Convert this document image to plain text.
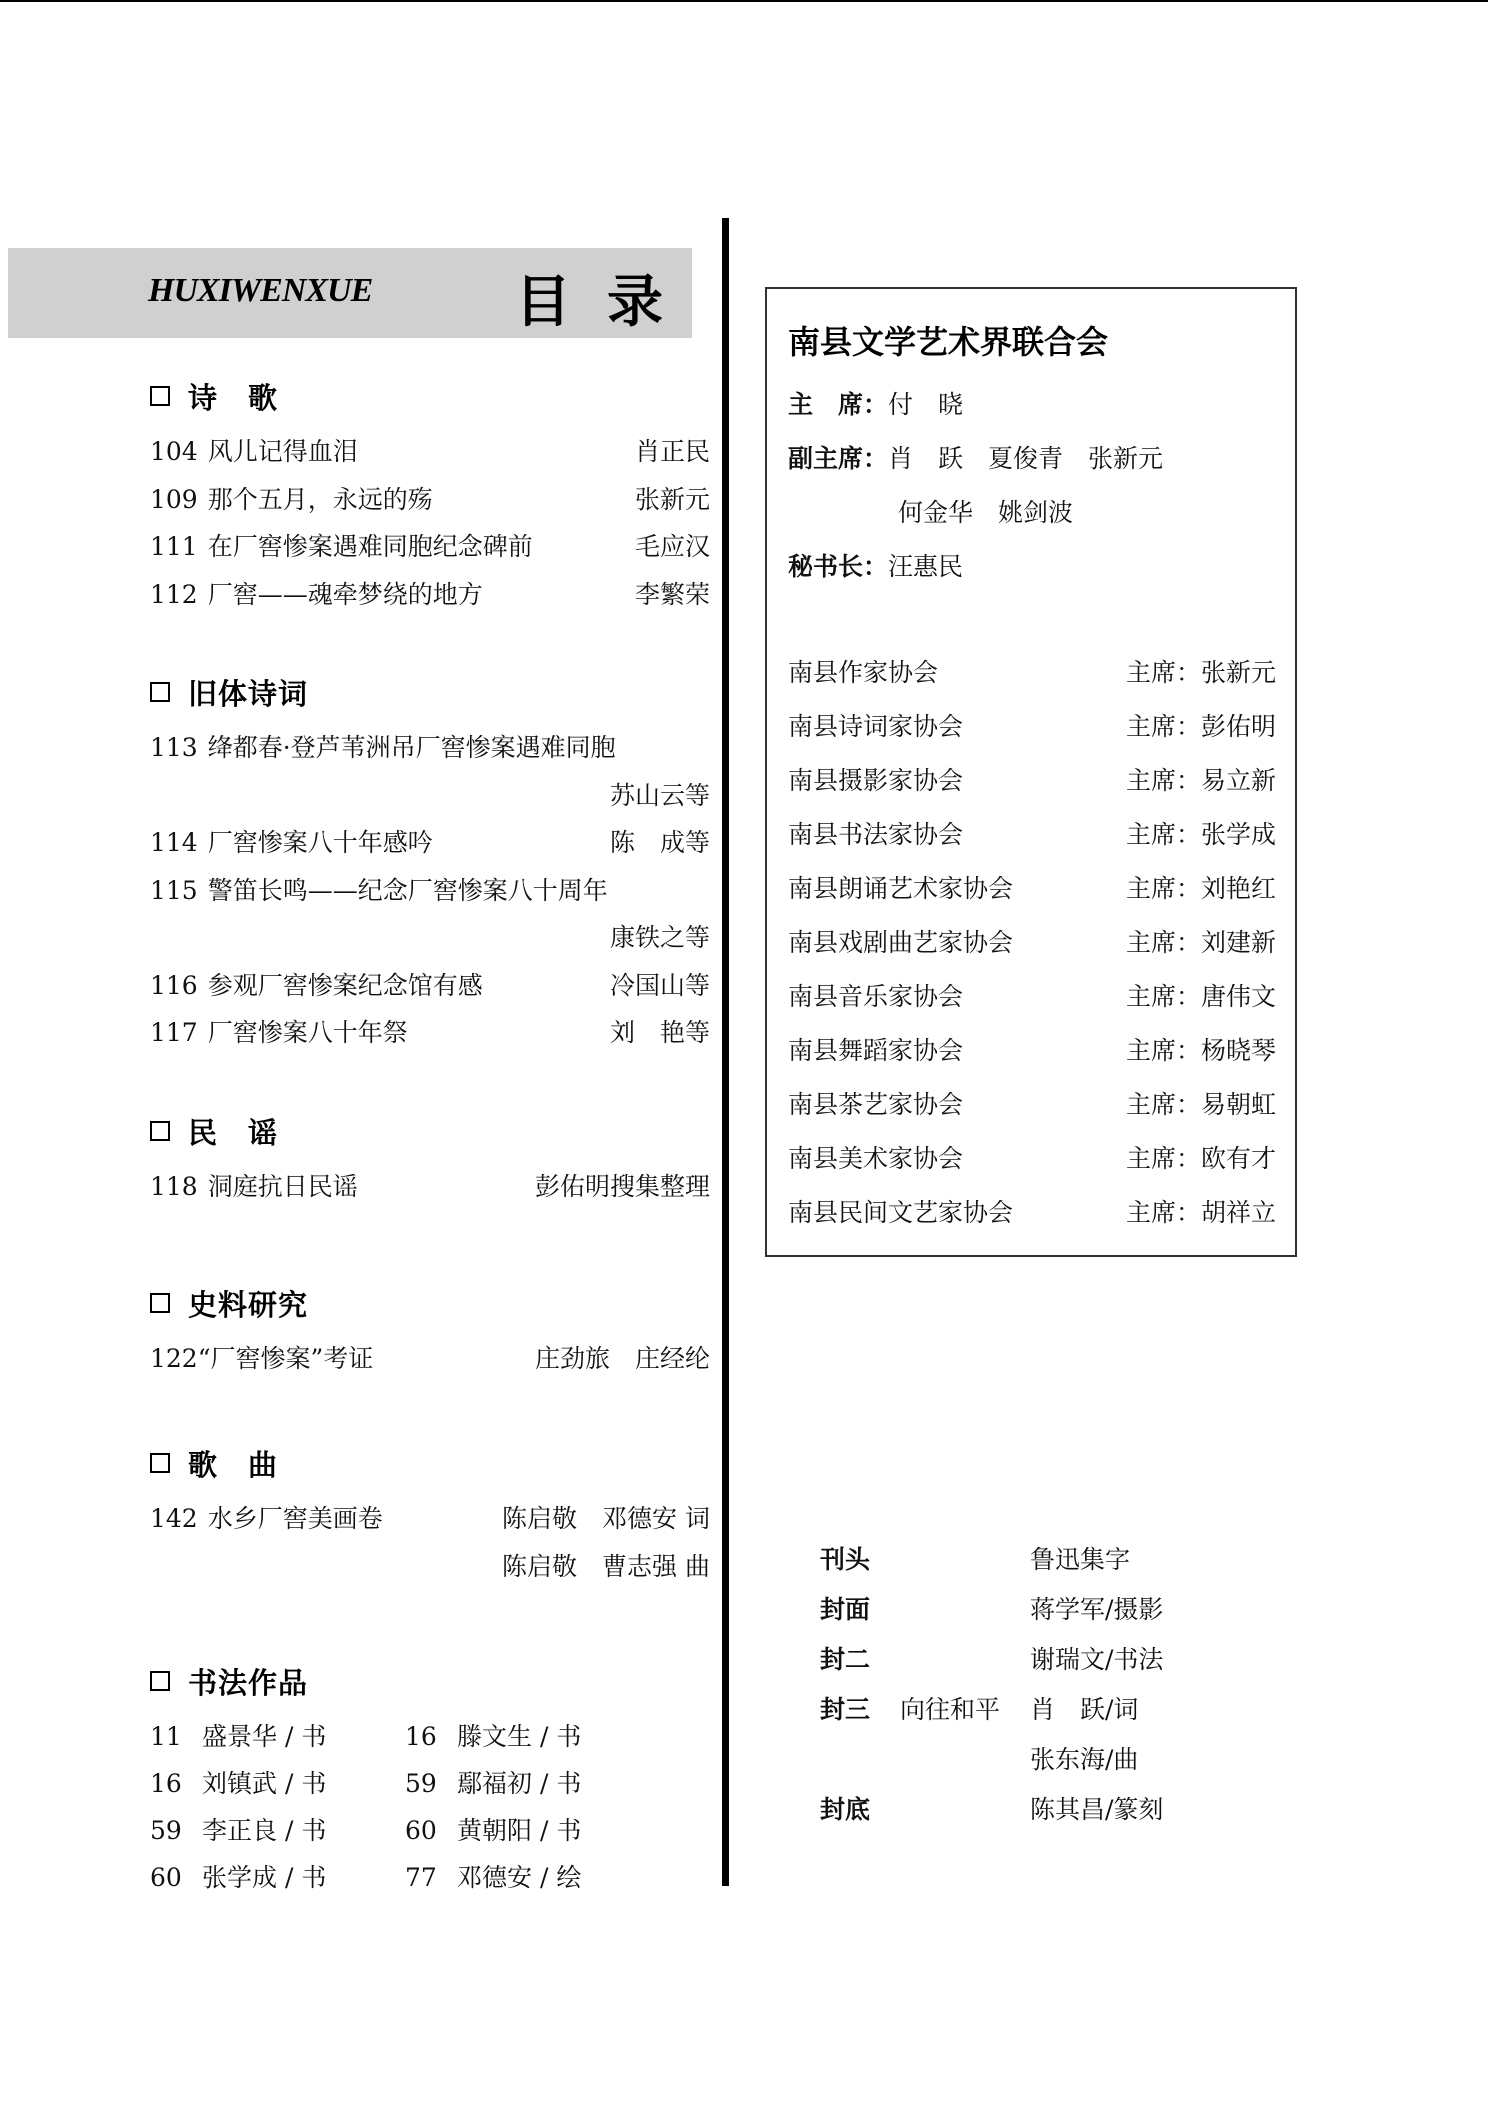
HUXIWENXUE	目录
诗　歌
104 风儿记得血泪	肖正民
109 那个五月，永远的殇	张新元
111 在厂窖惨案遇难同胞纪念碑前	毛应汉
112 厂窖——魂牵梦绕的地方	李繁荣
旧体诗词
113 绛都春·登芦苇洲吊厂窖惨案遇难同胞
苏山云等
114 厂窖惨案八十年感吟	陈　成等
115 警笛长鸣——纪念厂窖惨案八十周年
康铁之等
116 参观厂窖惨案纪念馆有感	冷国山等
117 厂窖惨案八十年祭	刘　艳等
民　谣
118 洞庭抗日民谣	彭佑明搜集整理
史料研究
122 “厂窖惨案”考证	庄劲旅　庄经纶
歌　曲
142 水乡厂窖美画卷	陈启敬　邓德安 词
陈启敬　曹志强 曲
书法作品
11 盛景华 / 书	16 滕文生 / 书
16 刘镇武 / 书	59 鄢福初 / 书
59 李正良 / 书	60 黄朝阳 / 书
60 张学成 / 书	77 邓德安 / 绘
南县文学艺术界联合会
主　席：付　晓
副主席：肖　跃　夏俊青　张新元
何金华　姚剑波
秘书长：汪惠民
南县作家协会	主席：张新元
南县诗词家协会	主席：彭佑明
南县摄影家协会	主席：易立新
南县书法家协会	主席：张学成
南县朗诵艺术家协会	主席：刘艳红
南县戏剧曲艺家协会	主席：刘建新
南县音乐家协会	主席：唐伟文
南县舞蹈家协会	主席：杨晓琴
南县茶艺家协会	主席：易朝虹
南县美术家协会	主席：欧有才
南县民间文艺家协会	主席：胡祥立
刊头	鲁迅集字
封面	蒋学军/摄影
封二	谢瑞文/书法
封三 向往和平 肖　跃/词
张东海/曲
封底	陈其昌/篆刻
